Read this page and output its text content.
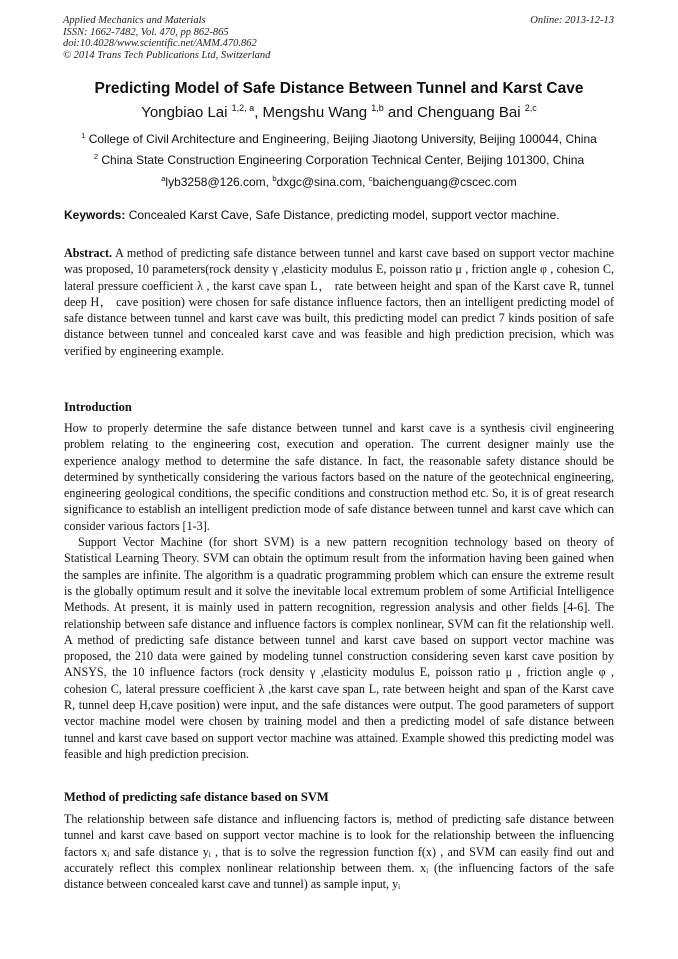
Applied Mechanics and Materials
ISSN: 1662-7482, Vol. 470, pp 862-865
doi:10.4028/www.scientific.net/AMM.470.862
© 2014 Trans Tech Publications Ltd, Switzerland
Online: 2013-12-13
Predicting Model of Safe Distance Between Tunnel and Karst Cave
Yongbiao Lai $^{1,2, a}$, Mengshu Wang $^{1,b}$ and Chenguang Bai $^{2,c}$
$^1$ College of Civil Architecture and Engineering, Beijing Jiaotong University, Beijing 100044, China
$^2$ China State Construction Engineering Corporation Technical Center, Beijing 101300, China
$^a$lyb3258@126.com, $^b$dxgc@sina.com, $^c$baichenguang@cscec.com
Keywords: Concealed Karst Cave, Safe Distance, predicting model, support vector machine.
Abstract. A method of predicting safe distance between tunnel and karst cave based on support vector machine was proposed, 10 parameters(rock density γ ,elasticity modulus E, poisson ratio μ , friction angle φ , cohesion C, lateral pressure coefficient λ , the karst cave span L， rate between height and span of the Karst cave R, tunnel deep H， cave position) were chosen for safe distance influence factors, then an intelligent predicting model of safe distance between tunnel and karst cave was built, this predicting model can predict 7 kinds position of safe distance between tunnel and concealed karst cave and was feasible and high prediction precision, which was verified by engineering example.
Introduction

How to properly determine the safe distance between tunnel and karst cave is a synthesis civil engineering problem relating to the engineering cost, execution and operation. The current designer mainly use the experience analogy method to determine the safe distance. In fact, the reasonable safety distance should be determined by synthetically considering the various factors based on the nature of the geotechnical engineering, engineering geological conditions, the specific conditions and construction method etc. So, it is of great research significance to establish an intelligent prediction mode of safe distance between tunnel and karst cave which can consider various factors [1-3].

Support Vector Machine (for short SVM) is a new pattern recognition technology based on theory of Statistical Learning Theory. SVM can obtain the optimum result from the information having been gained when the samples are infinite. The algorithm is a quadratic programming problem which can ensure the extreme result is the globally optimum result and it solve the inevitable local extremum problem of some Artificial Intelligence Methods. At present, it is mainly used in pattern recognition, regression analysis and other fields [4-6]. The relationship between safe distance and influence factors is complex nonlinear, SVM can fit the relationship well. A method of predicting safe distance between tunnel and karst cave based on support vector machine was proposed, the 210 data were gained by modeling tunnel construction considering seven karst cave position by ANSYS, the 10 influence factors (rock density γ ,elasticity modulus E, poisson ratio μ , friction angle φ , cohesion C, lateral pressure coefficient λ ,the karst cave span L, rate between height and span of the Karst cave R, tunnel deep H,cave position) were input, and the safe distances were output. The good parameters of support vector machine model were chosen by training model and then a predicting model of safe distance between tunnel and karst cave based on support vector machine was attained. Example showed this predicting model was feasible and high prediction precision.

Method of predicting safe distance based on SVM

The relationship between safe distance and influencing factors is, method of predicting safe distance between tunnel and karst cave based on support vector machine is to look for the relationship between the influencing factors xᵢ and safe distance yᵢ , that is to solve the regression function f(x) , and SVM can easily find out and accurately reflect this complex nonlinear relationship between them. xᵢ (the influencing factors of the safe distance between concealed karst cave and tunnel) as sample input, yᵢ
